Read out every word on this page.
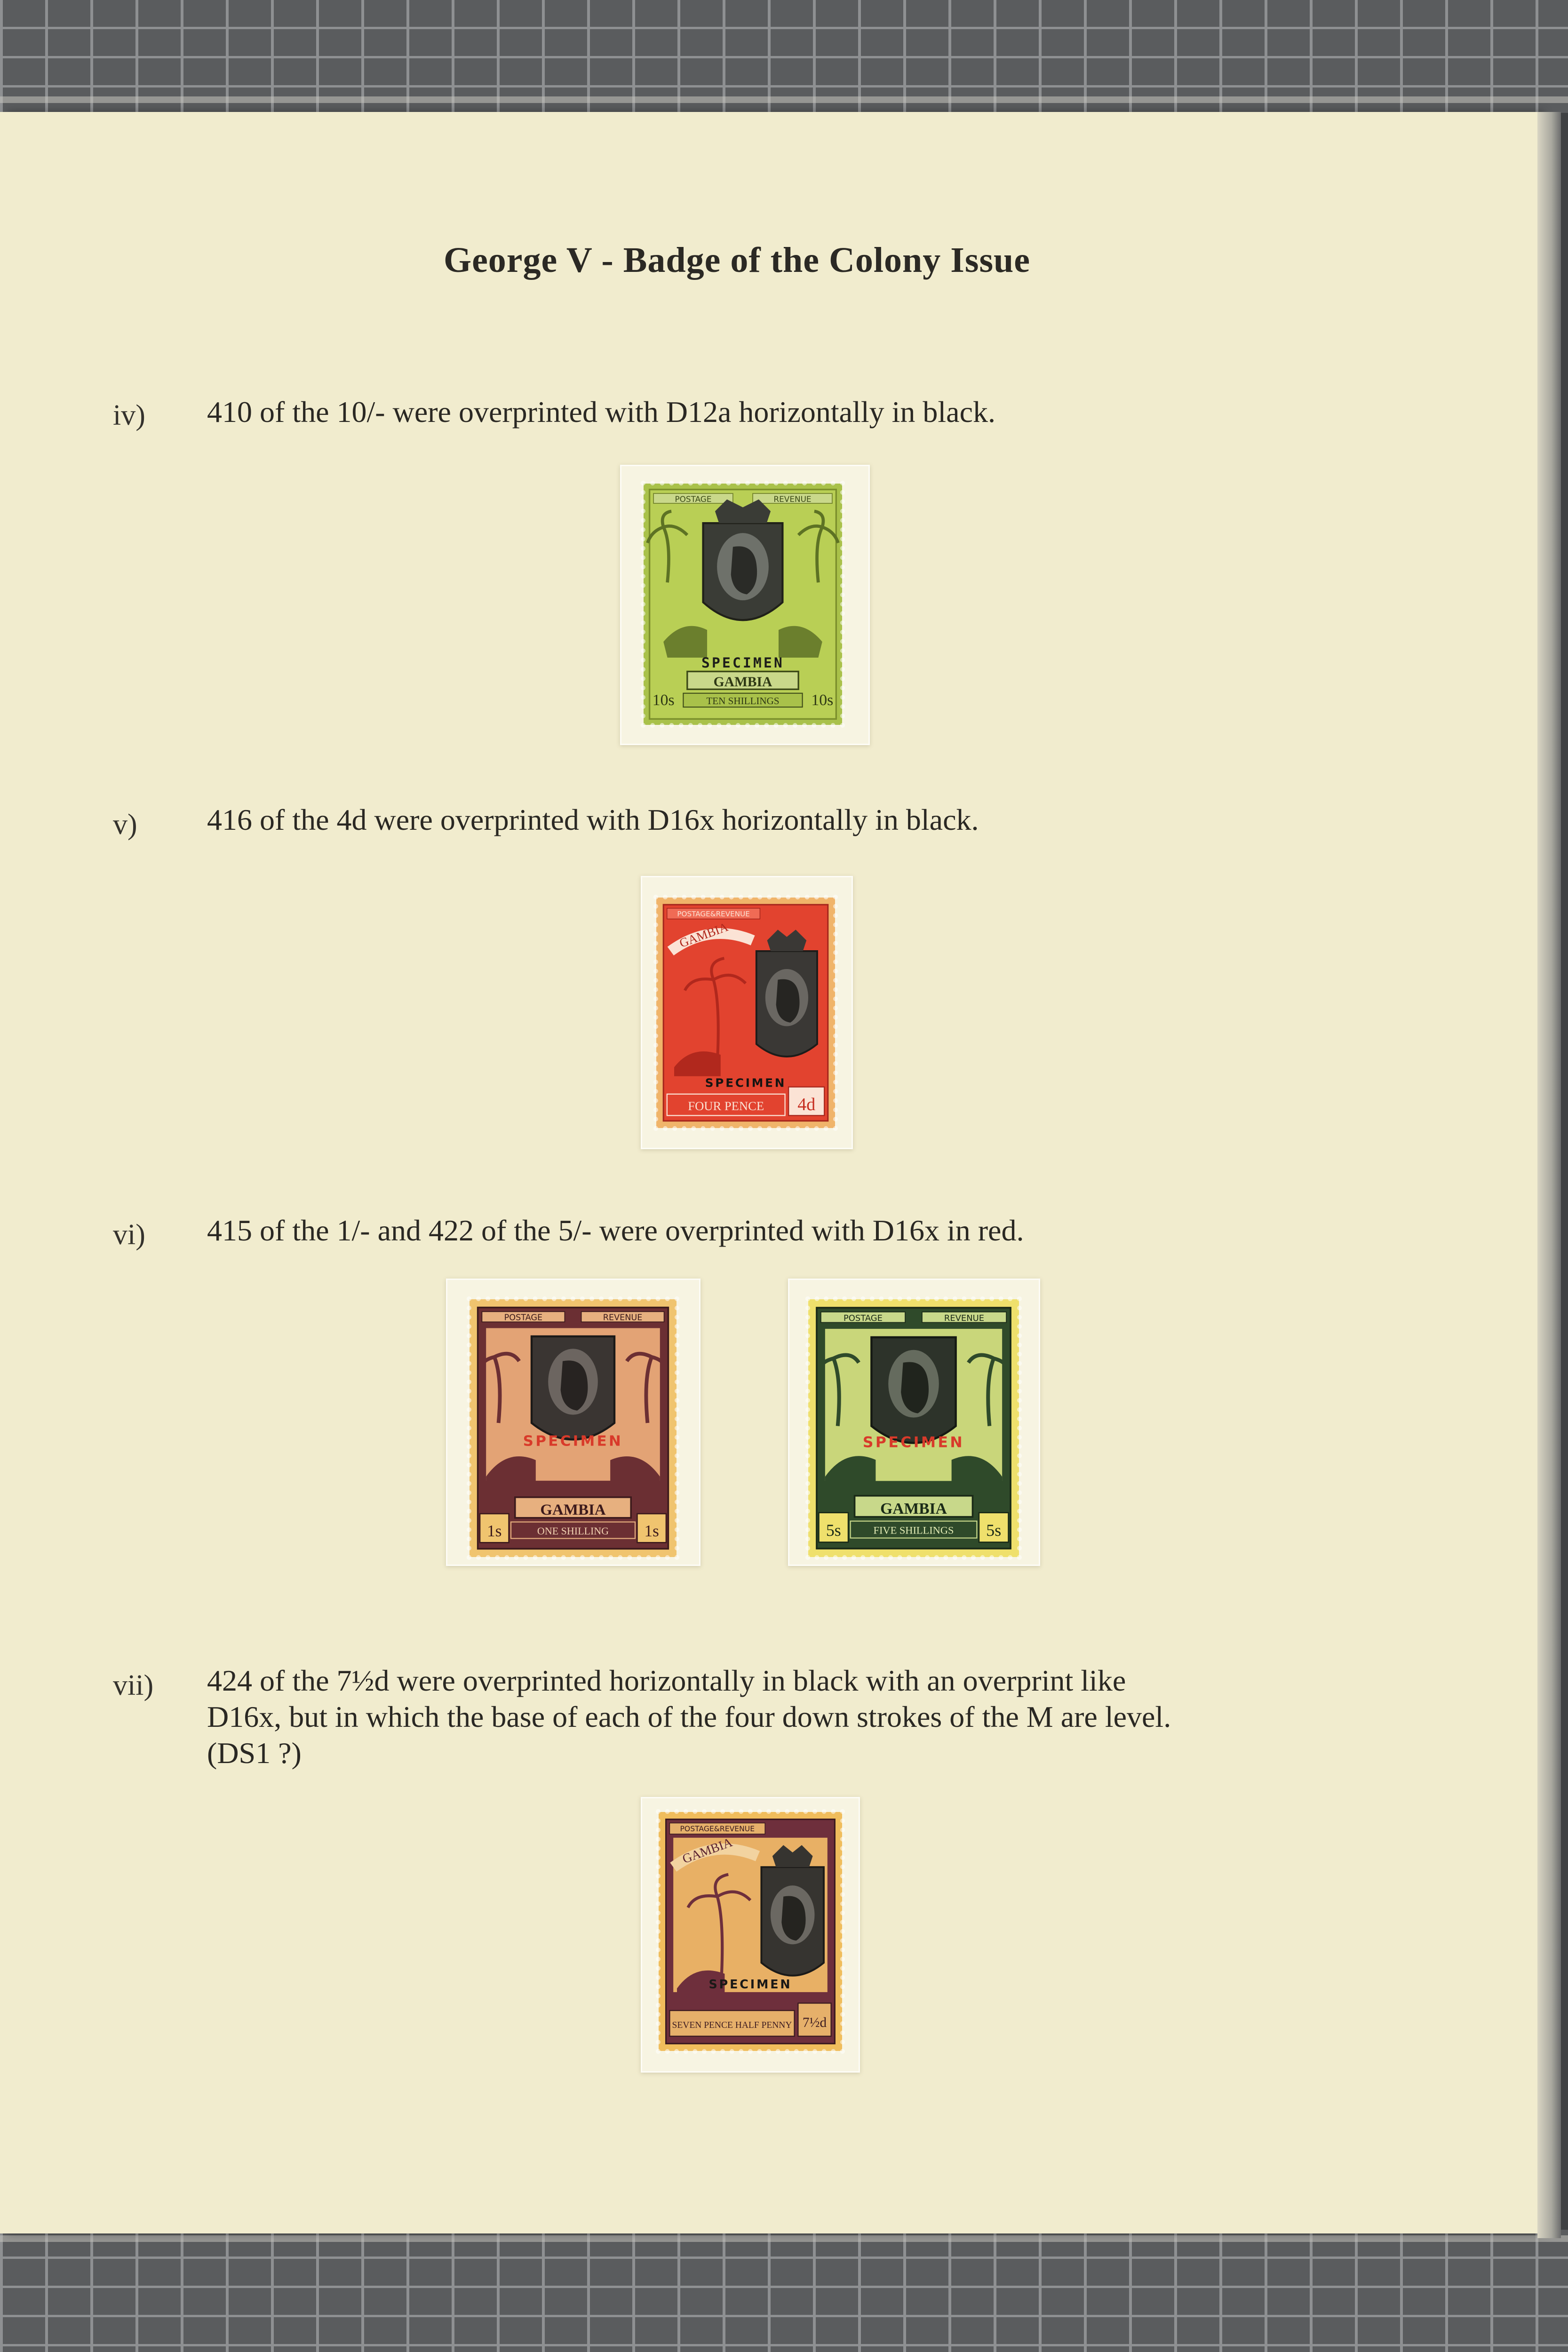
George V - Badge of the Colony Issue
iv)	410 of the 10/- were overprinted with D12a horizontally in black.
POSTAGE	REVENUE
SPECIMEN
GAMBIA
TEN SHILLINGS
10s	10s
v)	416 of the 4d were overprinted with D16x horizontally in black.
POSTAGE&REVENUE
GAMBIA
SPECIMEN
FOUR PENCE	4d
vi)	415 of the 1/- and 422 of the 5/- were overprinted with D16x in red.
POSTAGE	REVENUE
SPECIMEN
GAMBIA
ONE SHILLING
1s	1s
POSTAGE	REVENUE
SPECIMEN
GAMBIA
FIVE SHILLINGS
5s	5s
vii)	424 of the 7½d were overprinted horizontally in black with an overprint like
D16x, but in which the base of each of the four down strokes of the M are level.
(DS1 ?)
POSTAGE&REVENUE
GAMBIA
SPECIMEN
SEVEN PENCE HALF PENNY	7½d
